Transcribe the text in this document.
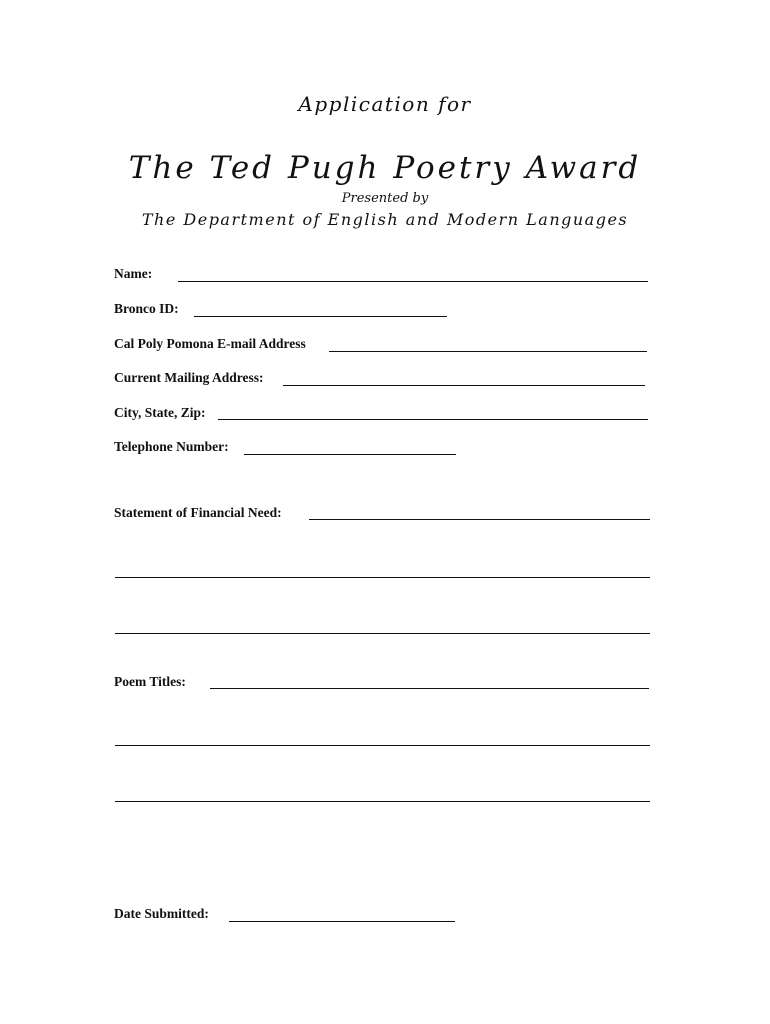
Application for
The Ted Pugh Poetry Award
Presented by
The Department of English and Modern Languages
Name:
Bronco ID:
Cal Poly Pomona E-mail Address
Current Mailing Address:
City, State, Zip:
Telephone Number:
Statement of Financial Need:
Poem Titles:
Date Submitted:
